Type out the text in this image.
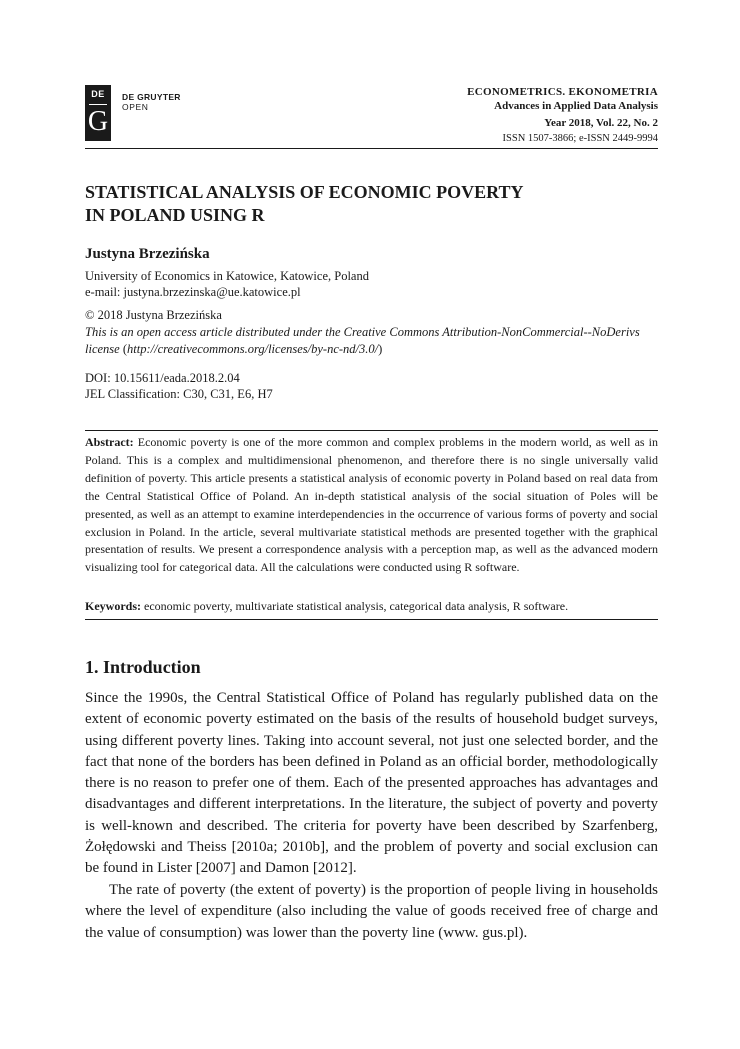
DE
G
DE GRUYTER
OPEN
ECONOMETRICS. EKONOMETRIA
Advances in Applied Data Analysis
Year 2018, Vol. 22, No. 2
ISSN 1507-3866; e-ISSN 2449-9994
STATISTICAL ANALYSIS OF ECONOMIC POVERTY
IN POLAND USING R
Justyna Brzezińska
University of Economics in Katowice, Katowice, Poland
e-mail: justyna.brzezinska@ue.katowice.pl
© 2018 Justyna Brzezińska
This is an open access article distributed under the Creative Commons Attribution-NonCommercial--NoDerivs license (http://creativecommons.org/licenses/by-nc-nd/3.0/)
DOI: 10.15611/eada.2018.2.04
JEL Classification: C30, C31, E6, H7
Abstract: Economic poverty is one of the more common and complex problems in the modern world, as well as in Poland. This is a complex and multidimensional phenomenon, and therefore there is no single universally valid definition of poverty. This article presents a statistical analysis of economic poverty in Poland based on real data from the Central Statistical Office of Poland. An in-depth statistical analysis of the social situation of Poles will be presented, as well as an attempt to examine interdependencies in the occurrence of various forms of poverty and social exclusion in Poland. In the article, several multivariate statistical methods are presented together with the graphical presentation of results. We present a correspondence analysis with a perception map, as well as the advanced modern visualizing tool for categorical data. All the calculations were conducted using R software.
Keywords: economic poverty, multivariate statistical analysis, categorical data analysis, R software.
1. Introduction

Since the 1990s, the Central Statistical Office of Poland has regularly published data on the extent of economic poverty estimated on the basis of the results of household budget surveys, using different poverty lines. Taking into account several, not just one selected border, and the fact that none of the borders has been defined in Poland as an official border, methodologically there is no reason to prefer one of them. Each of the presented approaches has advantages and disadvantages and different interpretations. In the literature, the subject of poverty and poverty is well-known and described. The criteria for poverty have been described by Szarfenberg, Żołędowski and Theiss [2010a; 2010b], and the problem of poverty and social exclusion can be found in Lister [2007] and Damon [2012].

The rate of poverty (the extent of poverty) is the proportion of people living in households where the level of expenditure (also including the value of goods received free of charge and the value of consumption) was lower than the poverty line (www. gus.pl).
